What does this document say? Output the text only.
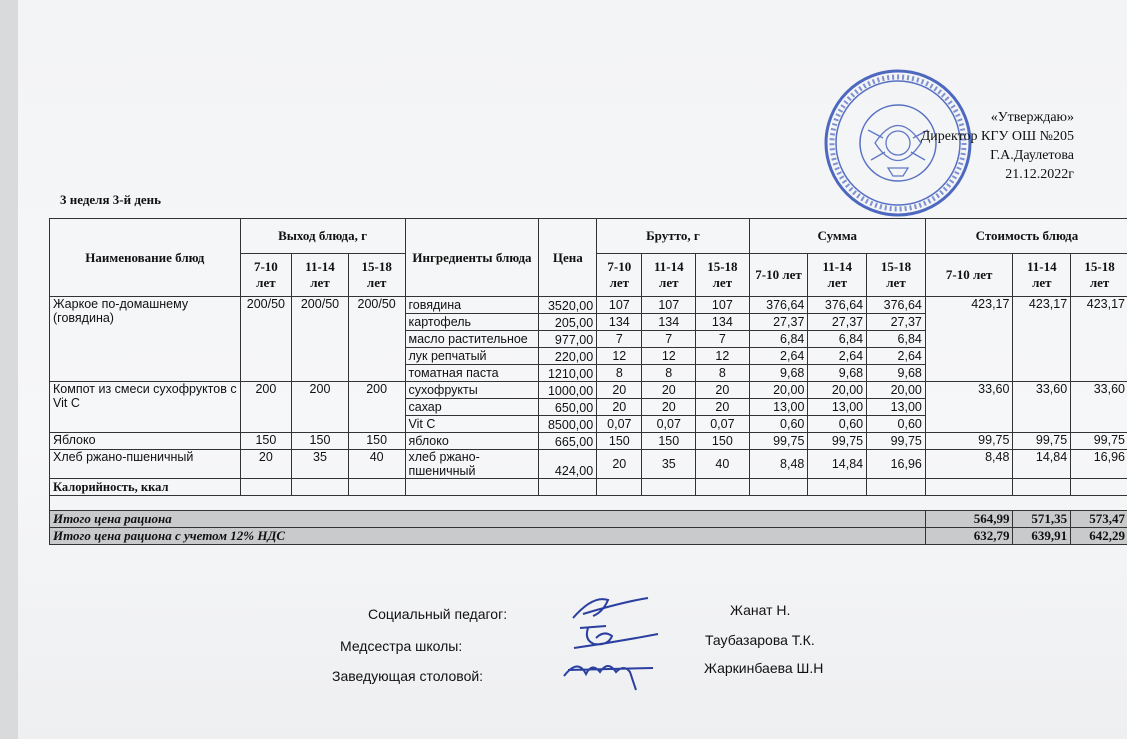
«Утверждаю»
Директор КГУ ОШ №205
Г.А.Даулетова
21.12.2022г
3 неделя 3-й день
Наименование блюд	Выход блюда, г			Ингредиенты блюда	Цена	Брутто, г			Сумма			Стоимость блюда		
	7-10 лет	11-14 лет	15-18 лет			7-10 лет	11-14 лет	15-18 лет	7-10 лет	11-14 лет	15-18 лет	7-10 лет	11-14 лет	15-18 лет
Жаркое по-домашнему (говядина)	200/50	200/50	200/50	говядина	3520,00	107	107	107	376,64	376,64	376,64	423,17	423,17	423,17
				картофель	205,00	134	134	134	27,37	27,37	27,37			
				масло растительное	977,00	7	7	7	6,84	6,84	6,84			
				лук репчатый	220,00	12	12	12	2,64	2,64	2,64			
				томатная паста	1210,00	8	8	8	9,68	9,68	9,68			
Компот из смеси сухофруктов с Vit C	200	200	200	сухофрукты	1000,00	20	20	20	20,00	20,00	20,00	33,60	33,60	33,60
				сахар	650,00	20	20	20	13,00	13,00	13,00			
				Vit C	8500,00	0,07	0,07	0,07	0,60	0,60	0,60			
Яблоко	150	150	150	яблоко	665,00	150	150	150	99,75	99,75	99,75	99,75	99,75	99,75
Хлеб ржано-пшеничный	20	35	40	хлеб ржано-пшеничный	424,00	20	35	40	8,48	14,84	16,96	8,48	14,84	16,96
Калорийность, ккал														

Итого цена рациона												564,99	571,35	573,47
Итого цена рациона с учетом 12% НДС												632,79	639,91	642,29
Социальный педагог:	Жанат Н.
Медсестра школы:	Таубазарова Т.К.
Заведующая столовой:	Жаркинбаева Ш.Н
